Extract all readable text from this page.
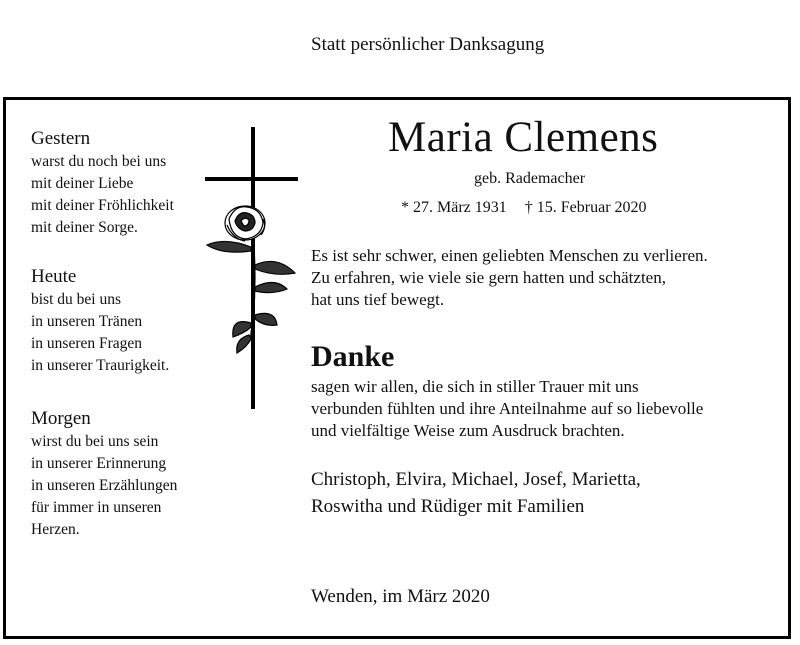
Statt persönlicher Danksagung
Gestern
warst du noch bei uns
mit deiner Liebe
mit deiner Fröhlichkeit
mit deiner Sorge.
Heute
bist du bei uns
in unseren Tränen
in unseren Fragen
in unserer Traurigkeit.
Morgen
wirst du bei uns sein
in unserer Erinnerung
in unseren Erzählungen
für immer in unseren
Herzen.
Maria Clemens
geb. Rademacher
* 27. März 1931 † 15. Februar 2020
Es ist sehr schwer, einen geliebten Menschen zu verlieren.
Zu erfahren, wie viele sie gern hatten und schätzten,
hat uns tief bewegt.
Danke
sagen wir allen, die sich in stiller Trauer mit uns
verbunden fühlten und ihre Anteilnahme auf so liebevolle
und vielfältige Weise zum Ausdruck brachten.
Christoph, Elvira, Michael, Josef, Marietta,
Roswitha und Rüdiger mit Familien
Wenden, im März 2020
